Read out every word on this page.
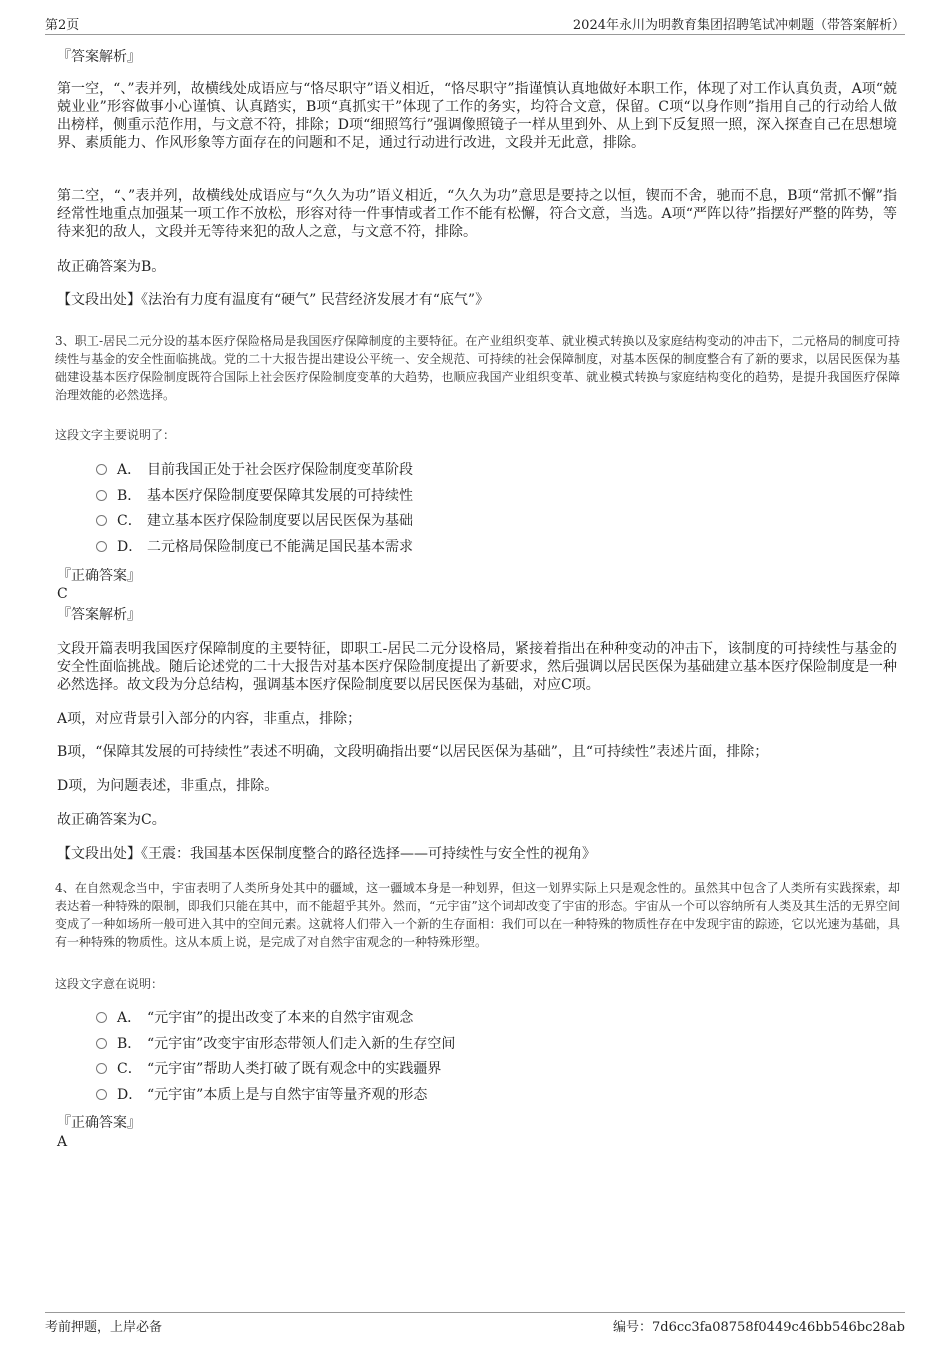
第2页	2024年永川为明教育集团招聘笔试冲刺题（带答案解析）
『答案解析』

第一空，“、”表并列，故横线处成语应与“恪尽职守”语义相近，“恪尽职守”指谨慎认真地做好本职工作，体现了对工作认真负责，A项“兢兢业业”形容做事小心谨慎、认真踏实，B项“真抓实干”体现了工作的务实，均符合文意，保留。C项“以身作则”指用自己的行动给人做出榜样，侧重示范作用，与文意不符，排除；D项“细照笃行”强调像照镜子一样从里到外、从上到下反复照一照，深入探查自己在思想境界、素质能力、作风形象等方面存在的问题和不足，通过行动进行改进，文段并无此意，排除。

第二空，“、”表并列，故横线处成语应与“久久为功”语义相近，“久久为功”意思是要持之以恒，锲而不舍，驰而不息，B项“常抓不懈”指经常性地重点加强某一项工作不放松，形容对待一件事情或者工作不能有松懈，符合文意，当选。A项“严阵以待”指摆好严整的阵势，等待来犯的敌人，文段并无等待来犯的敌人之意，与文意不符，排除。

故正确答案为B。
【文段出处】《法治有力度有温度有“硬气” 民营经济发展才有“底气”》

3、职工-居民二元分设的基本医疗保险格局是我国医疗保障制度的主要特征。在产业组织变革、就业模式转换以及家庭结构变动的冲击下，二元格局的制度可持续性与基金的安全性面临挑战。党的二十大报告提出建设公平统一、安全规范、可持续的社会保障制度，对基本医保的制度整合有了新的要求，以居民医保为基础建设基本医疗保险制度既符合国际上社会医疗保险制度变革的大趋势，也顺应我国产业组织变革、就业模式转换与家庭结构变化的趋势，是提升我国医疗保障治理效能的必然选择。

这段文字主要说明了：
A． 目前我国正处于社会医疗保险制度变革阶段
B． 基本医疗保险制度要保障其发展的可持续性
C． 建立基本医疗保险制度要以居民医保为基础
D． 二元格局保险制度已不能满足国民基本需求
『正确答案』
C
『答案解析』

文段开篇表明我国医疗保障制度的主要特征，即职工-居民二元分设格局，紧接着指出在种种变动的冲击下，该制度的可持续性与基金的安全性面临挑战。随后论述党的二十大报告对基本医疗保险制度提出了新要求，然后强调以居民医保为基础建立基本医疗保险制度是一种必然选择。故文段为分总结构，强调基本医疗保险制度要以居民医保为基础，对应C项。

A项，对应背景引入部分的内容，非重点，排除；
B项，“保障其发展的可持续性”表述不明确，文段明确指出要“以居民医保为基础”，且“可持续性”表述片面，排除；
D项，为问题表述，非重点，排除。
故正确答案为C。
【文段出处】《王震：我国基本医保制度整合的路径选择——可持续性与安全性的视角》

4、在自然观念当中，宇宙表明了人类所身处其中的疆域，这一疆域本身是一种划界，但这一划界实际上只是观念性的。虽然其中包含了人类所有实践探索，却表达着一种特殊的限制，即我们只能在其中，而不能超乎其外。然而，“元宇宙”这个词却改变了宇宙的形态。宇宙从一个可以容纳所有人类及其生活的无界空间变成了一种如场所一般可进入其中的空间元素。这就将人们带入一个新的生存面相：我们可以在一种特殊的物质性存在中发现宇宙的踪迹，它以光速为基础，具有一种特殊的物质性。这从本质上说，是完成了对自然宇宙观念的一种特殊形塑。

这段文字意在说明：
A． “元宇宙”的提出改变了本来的自然宇宙观念
B． “元宇宙”改变宇宙形态带领人们走入新的生存空间
C． “元宇宙”帮助人类打破了既有观念中的实践疆界
D． “元宇宙”本质上是与自然宇宙等量齐观的形态
『正确答案』
A
考前押题，上岸必备	编号：7d6cc3fa08758f0449c46bb546bc28ab
